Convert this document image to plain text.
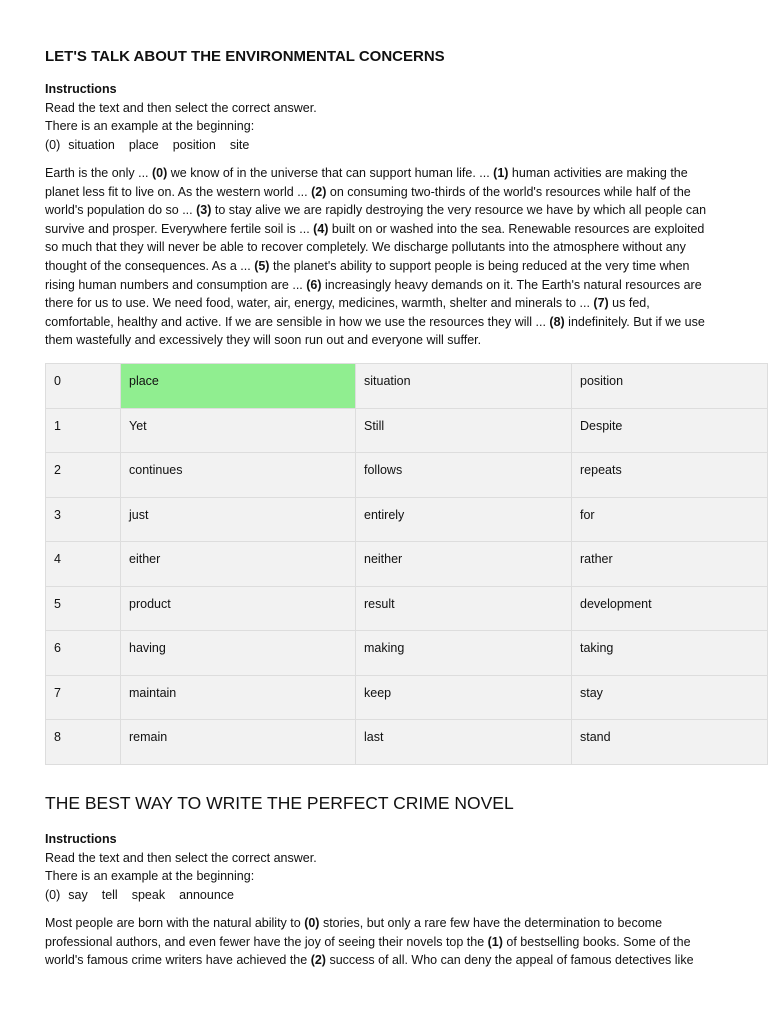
LET'S TALK ABOUT THE ENVIRONMENTAL CONCERNS
Instructions
Read the text and then select the correct answer.
There is an example at the beginning:
(0) situation place position site
Earth is the only ... (0) we know of in the universe that can support human life. ... (1) human activities are making the
planet less fit to live on. As the western world ... (2) on consuming two-thirds of the world's resources while half of the
world's population do so ... (3) to stay alive we are rapidly destroying the very resource we have by which all people can
survive and prosper. Everywhere fertile soil is ... (4) built on or washed into the sea. Renewable resources are exploited
so much that they will never be able to recover completely. We discharge pollutants into the atmosphere without any
thought of the consequences. As a ... (5) the planet's ability to support people is being reduced at the very time when
rising human numbers and consumption are ... (6) increasingly heavy demands on it. The Earth's natural resources are
there for us to use. We need food, water, air, energy, medicines, warmth, shelter and minerals to ... (7) us fed,
comfortable, healthy and active. If we are sensible in how we use the resources they will ... (8) indefinitely. But if we use
them wastefully and excessively they will soon run out and everyone will suffer.
0	place	situation	position
1	Yet	Still	Despite
2	continues	follows	repeats
3	just	entirely	for
4	either	neither	rather
5	product	result	development
6	having	making	taking
7	maintain	keep	stay
8	remain	last	stand
THE BEST WAY TO WRITE THE PERFECT CRIME NOVEL
Instructions
Read the text and then select the correct answer.
There is an example at the beginning:
(0) say tell speak announce
Most people are born with the natural ability to (0) stories, but only a rare few have the determination to become
professional authors, and even fewer have the joy of seeing their novels top the (1) of bestselling books. Some of the
world's famous crime writers have achieved the (2) success of all. Who can deny the appeal of famous detectives like
